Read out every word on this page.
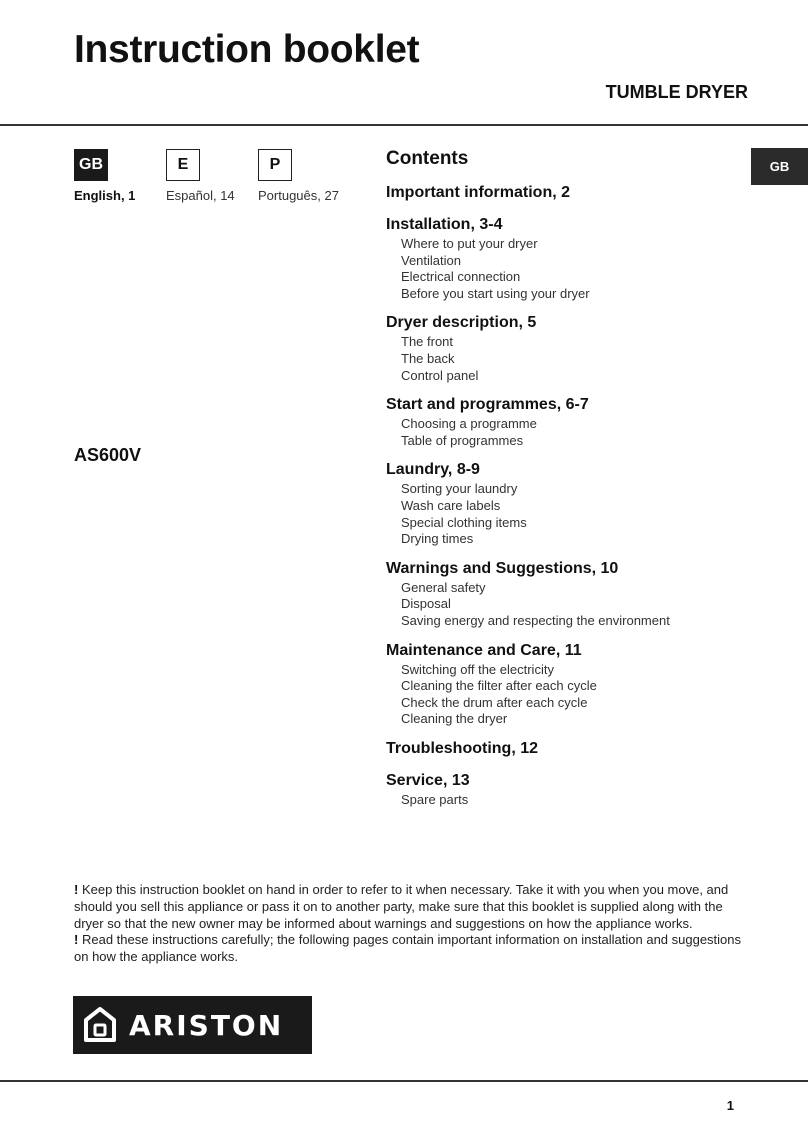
Instruction booklet
TUMBLE DRYER
GB
English, 1
E
Español, 14
P
Português, 27
GB
AS600V
Contents
Important information, 2
Installation, 3-4
Where to put your dryer
Ventilation
Electrical connection
Before you start using your dryer
Dryer description, 5
The front
The back
Control panel
Start and programmes, 6-7
Choosing a programme
Table of programmes
Laundry, 8-9
Sorting your laundry
Wash care labels
Special clothing items
Drying times
Warnings and Suggestions, 10
General safety
Disposal
Saving energy and respecting the environment
Maintenance and Care, 11
Switching off the electricity
Cleaning the filter after each cycle
Check the drum after each cycle
Cleaning the dryer
Troubleshooting, 12
Service, 13
Spare parts

! Keep this instruction booklet on hand in order to refer to it when necessary. Take it with you when you move, and should you sell this appliance or pass it on to another party, make sure that this booklet is supplied along with the dryer so that the new owner may be informed about warnings and suggestions on how the appliance works.

! Read these instructions carefully; the following pages contain important information on installation and suggestions on how the appliance works.

ARISTON
1
